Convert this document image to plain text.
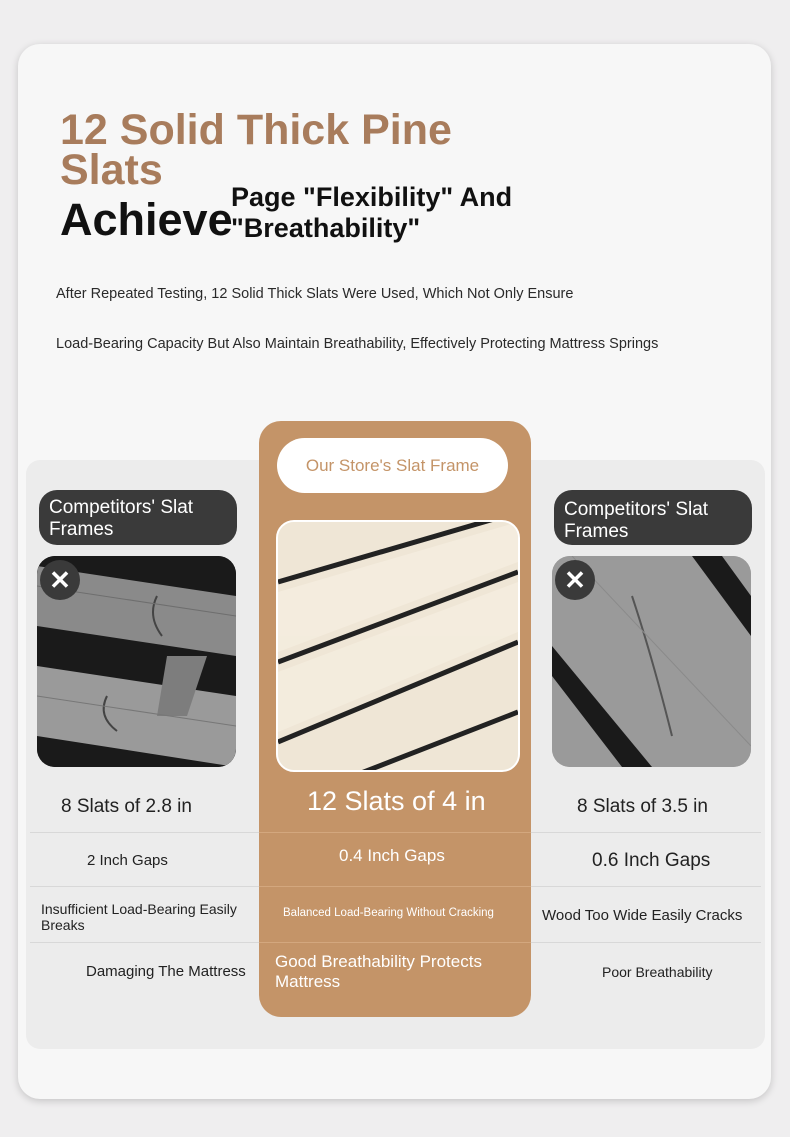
12 Solid Thick Pine Slats
Achieve
Page "Flexibility" And "Breathability"
After Repeated Testing, 12 Solid Thick Slats Were Used, Which Not Only Ensure
Load-Bearing Capacity But Also Maintain Breathability, Effectively Protecting Mattress Springs
Our Store's Slat Frame
Competitors' Slat Frames
Competitors' Slat Frames
✕	✕
8 Slats of 2.8 in
2 Inch Gaps
Insufficient Load-Bearing Easily Breaks
Damaging The Mattress
12 Slats of 4 in
0.4 Inch Gaps
Balanced Load-Bearing Without Cracking
Good Breathability Protects Mattress
8 Slats of 3.5 in
0.6 Inch Gaps
Wood Too Wide Easily Cracks
Poor Breathability
